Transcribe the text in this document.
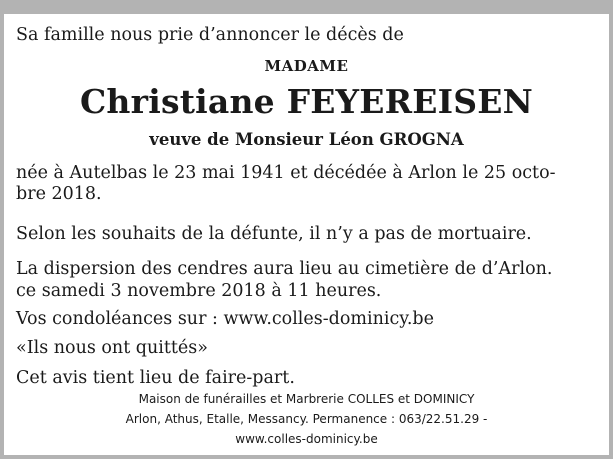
Sa famille nous prie d’annoncer le décès de
MADAME
Christiane FEYEREISEN
veuve de Monsieur Léon GROGNA
née à Autelbas le 23 mai 1941 et décédée à Arlon le 25 octo-
bre 2018.
Selon les souhaits de la défunte, il n’y a pas de mortuaire.
La dispersion des cendres aura lieu au cimetière de d’Arlon.
ce samedi 3 novembre 2018 à 11 heures.
Vos condoléances sur : www.colles-dominicy.be
«Ils nous ont quittés»
Cet avis tient lieu de faire-part.
Maison de funérailles et Marbrerie COLLES et DOMINICY
Arlon, Athus, Etalle, Messancy. Permanence : 063/22.51.29 -
www.colles-dominicy.be
